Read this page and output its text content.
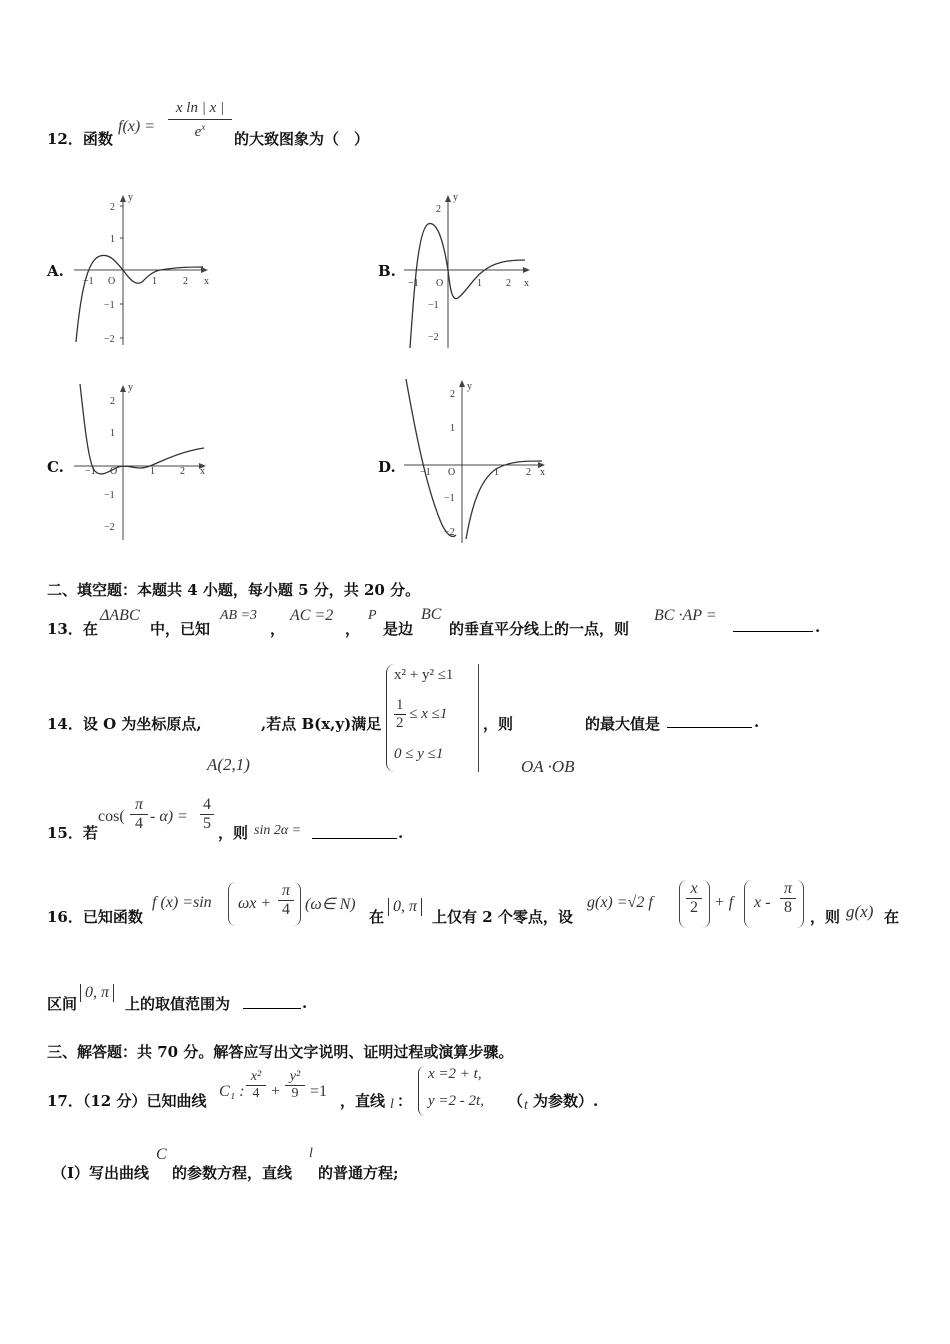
12．函数
f(x) =
x ln | x |
$e^x$
的大致图象为（　）
A.	B.
C.	D.
y
x
2
1
−1
−2
−1 O	1	2
y
x
2
−1
−2
−1 O	1 2
y
x
2
1
−1
−2
−1 O	1	2
y
x
2
1
−1
−2
−1 O	1	2
二、填空题：本题共 4 小题，每小题 5 分，共 20 分。
13．在
ΔABC
中，已知
AB =3
，
AC =2
，
P
是边
BC
的垂直平分线上的一点，则
BC ·AP =
.
14．设 O 为坐标原点,
A(2,1)
,若点 B(x,y)满足
x² + y² ≤1
$\frac{1}{2} \le x \le 1$
0 ≤ y ≤1
，则
OA ·OB
的最大值是	.
15．若
cos(
π
4 - α) =
4
5
，则 sin 2α =	.
16．已知函数
f (x) =sin ωx +
π
4 (ω∈ N)
在
0, π
上仅有 2 个零点，设
g(x) =√2 f
x
2 + f x -
π
8
，则 g(x) 在
区间
0, π
上的取值范围为	.
三、解答题：共 70 分。解答应写出文字说明、证明过程或演算步骤。
17．（12 分）已知曲线
C₁ :
x²
4 +
y²
9 =1
，直线 l ：
x =2 + t,
y =2 - 2t, （ t 为参数）.
（I）写出曲线
C
的参数方程，直线
l
的普通方程;
